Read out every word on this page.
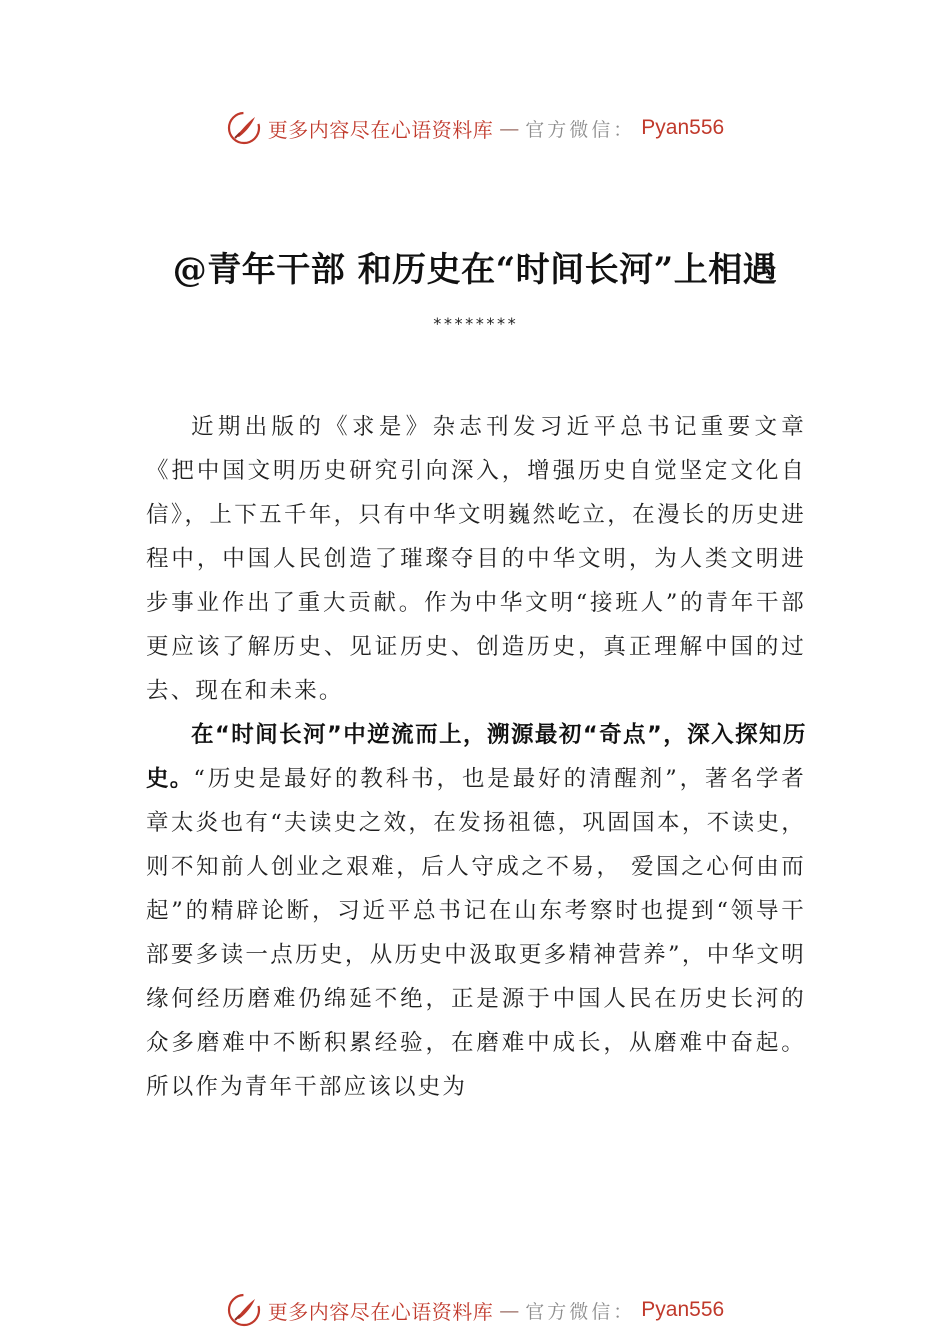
更多内容尽在心语资料库 — 官方微信： Pyan556
@青年干部 和历史在“时间长河”上相遇
********

近期出版的《求是》杂志刊发习近平总书记重要文章《把中国文明历史研究引向深入，增强历史自觉坚定文化自信》，上下五千年，只有中华文明巍然屹立，在漫长的历史进程中，中国人民创造了璀璨夺目的中华文明，为人类文明进步事业作出了重大贡献。作为中华文明“接班人”的青年干部更应该了解历史、见证历史、创造历史，真正理解中国的过去、现在和未来。

在“时间长河”中逆流而上，溯源最初“奇点”，深入探知历史。“历史是最好的教科书，也是最好的清醒剂”，著名学者章太炎也有“夫读史之效，在发扬祖德，巩固国本，不读史，则不知前人创业之艰难，后人守成之不易， 爱国之心何由而起”的精辟论断，习近平总书记在山东考察时也提到“领导干部要多读一点历史，从历史中汲取更多精神营养”，中华文明缘何经历磨难仍绵延不绝，正是源于中国人民在历史长河的众多磨难中不断积累经验，在磨难中成长，从磨难中奋起。所以作为青年干部应该以史为

更多内容尽在心语资料库 — 官方微信： Pyan556
